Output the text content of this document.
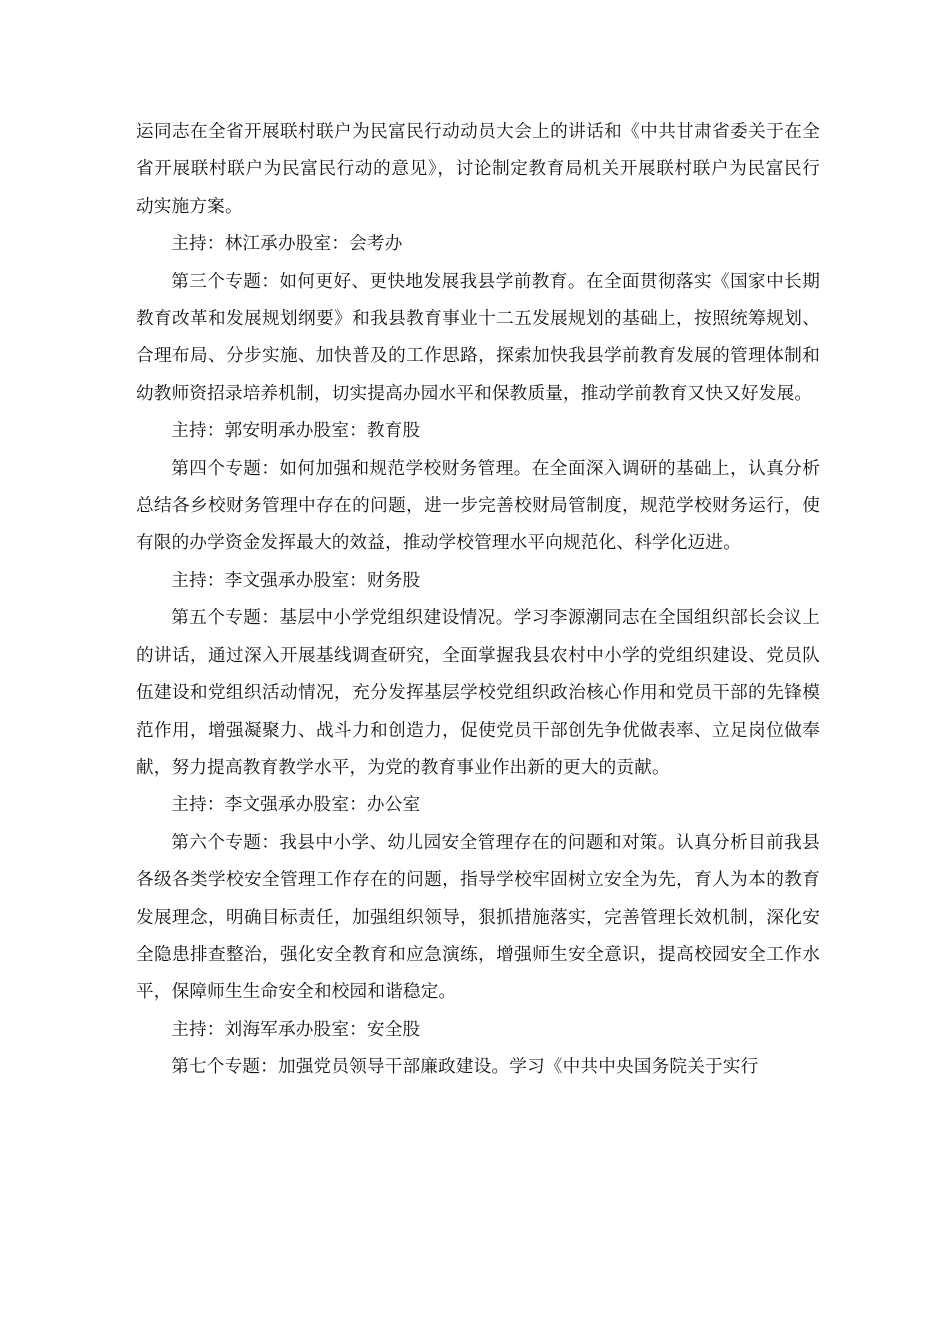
运同志在全省开展联村联户为民富民行动动员大会上的讲话和《中共甘肃省委关于在全省开展联村联户为民富民行动的意见》，讨论制定教育局机关开展联村联户为民富民行动实施方案。

主持：林江承办股室：会考办

第三个专题：如何更好、更快地发展我县学前教育。在全面贯彻落实《国家中长期教育改革和发展规划纲要》和我县教育事业十二五发展规划的基础上，按照统筹规划、合理布局、分步实施、加快普及的工作思路，探索加快我县学前教育发展的管理体制和幼教师资招录培养机制，切实提高办园水平和保教质量，推动学前教育又快又好发展。

主持：郭安明承办股室：教育股

第四个专题：如何加强和规范学校财务管理。在全面深入调研的基础上，认真分析总结各乡校财务管理中存在的问题，进一步完善校财局管制度，规范学校财务运行，使有限的办学资金发挥最大的效益，推动学校管理水平向规范化、科学化迈进。

主持：李文强承办股室：财务股

第五个专题：基层中小学党组织建设情况。学习李源潮同志在全国组织部长会议上的讲话，通过深入开展基线调查研究，全面掌握我县农村中小学的党组织建设、党员队伍建设和党组织活动情况，充分发挥基层学校党组织政治核心作用和党员干部的先锋模范作用，增强凝聚力、战斗力和创造力，促使党员干部创先争优做表率、立足岗位做奉献，努力提高教育教学水平，为党的教育事业作出新的更大的贡献。

主持：李文强承办股室：办公室

第六个专题：我县中小学、幼儿园安全管理存在的问题和对策。认真分析目前我县各级各类学校安全管理工作存在的问题，指导学校牢固树立安全为先，育人为本的教育发展理念，明确目标责任，加强组织领导，狠抓措施落实，完善管理长效机制，深化安全隐患排查整治，强化安全教育和应急演练，增强师生安全意识，提高校园安全工作水平，保障师生生命安全和校园和谐稳定。

主持：刘海军承办股室：安全股

第七个专题：加强党员领导干部廉政建设。学习《中共中央国务院关于实行
